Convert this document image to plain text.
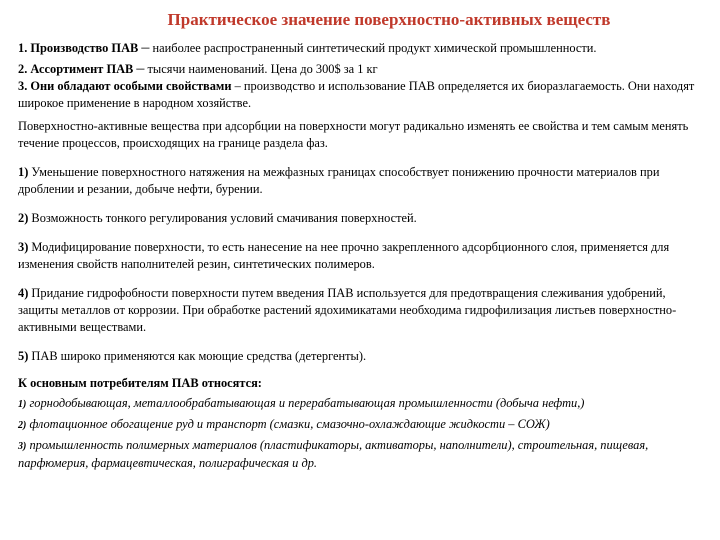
Практическое значение поверхностно-активных веществ

1. Производство ПАВ – наиболее распространенный синтетический продукт химической промышленности.

2. Ассортимент ПАВ – тысячи наименований. Цена до 300$ за 1 кг

3. Они обладают особыми свойствами – производство и использование ПАВ определяется их биоразлагаемость. Они находят широкое применение в народном хозяйстве.

Поверхностно-активные вещества при адсорбции на поверхности могут радикально изменять ее свойства и тем самым менять течение процессов, происходящих на границе раздела фаз.

1) Уменьшение поверхностного натяжения на межфазных границах способствует понижению прочности материалов при дроблении и резании, добыче нефти, бурении.

2) Возможность тонкого регулирования условий смачивания поверхностей.

3) Модифицирование поверхности, то есть нанесение на нее прочно закрепленного адсорбционного слоя, применяется для изменения свойств наполнителей резин, синтетических полимеров.

4) Придание гидрофобности поверхности путем введения ПАВ используется для предотвращения слеживания удобрений, защиты металлов от коррозии. При обработке растений ядохимикатами необходима гидрофилизация листьев поверхностно-активными веществами.

5) ПАВ широко применяются как моющие средства (детергенты).

К основным потребителям ПАВ относятся:

1) горнодобывающая, металлообрабатывающая и перерабатывающая промышленности (добыча нефти,)

2) флотационное обогащение руд и транспорт (смазки, смазочно-охлаждающие жидкости – СОЖ)

3) промышленность полимерных материалов (пластификаторы, активаторы, наполнители), строительная, пищевая, парфюмерия, фармацевтическая, полиграфическая и др.
